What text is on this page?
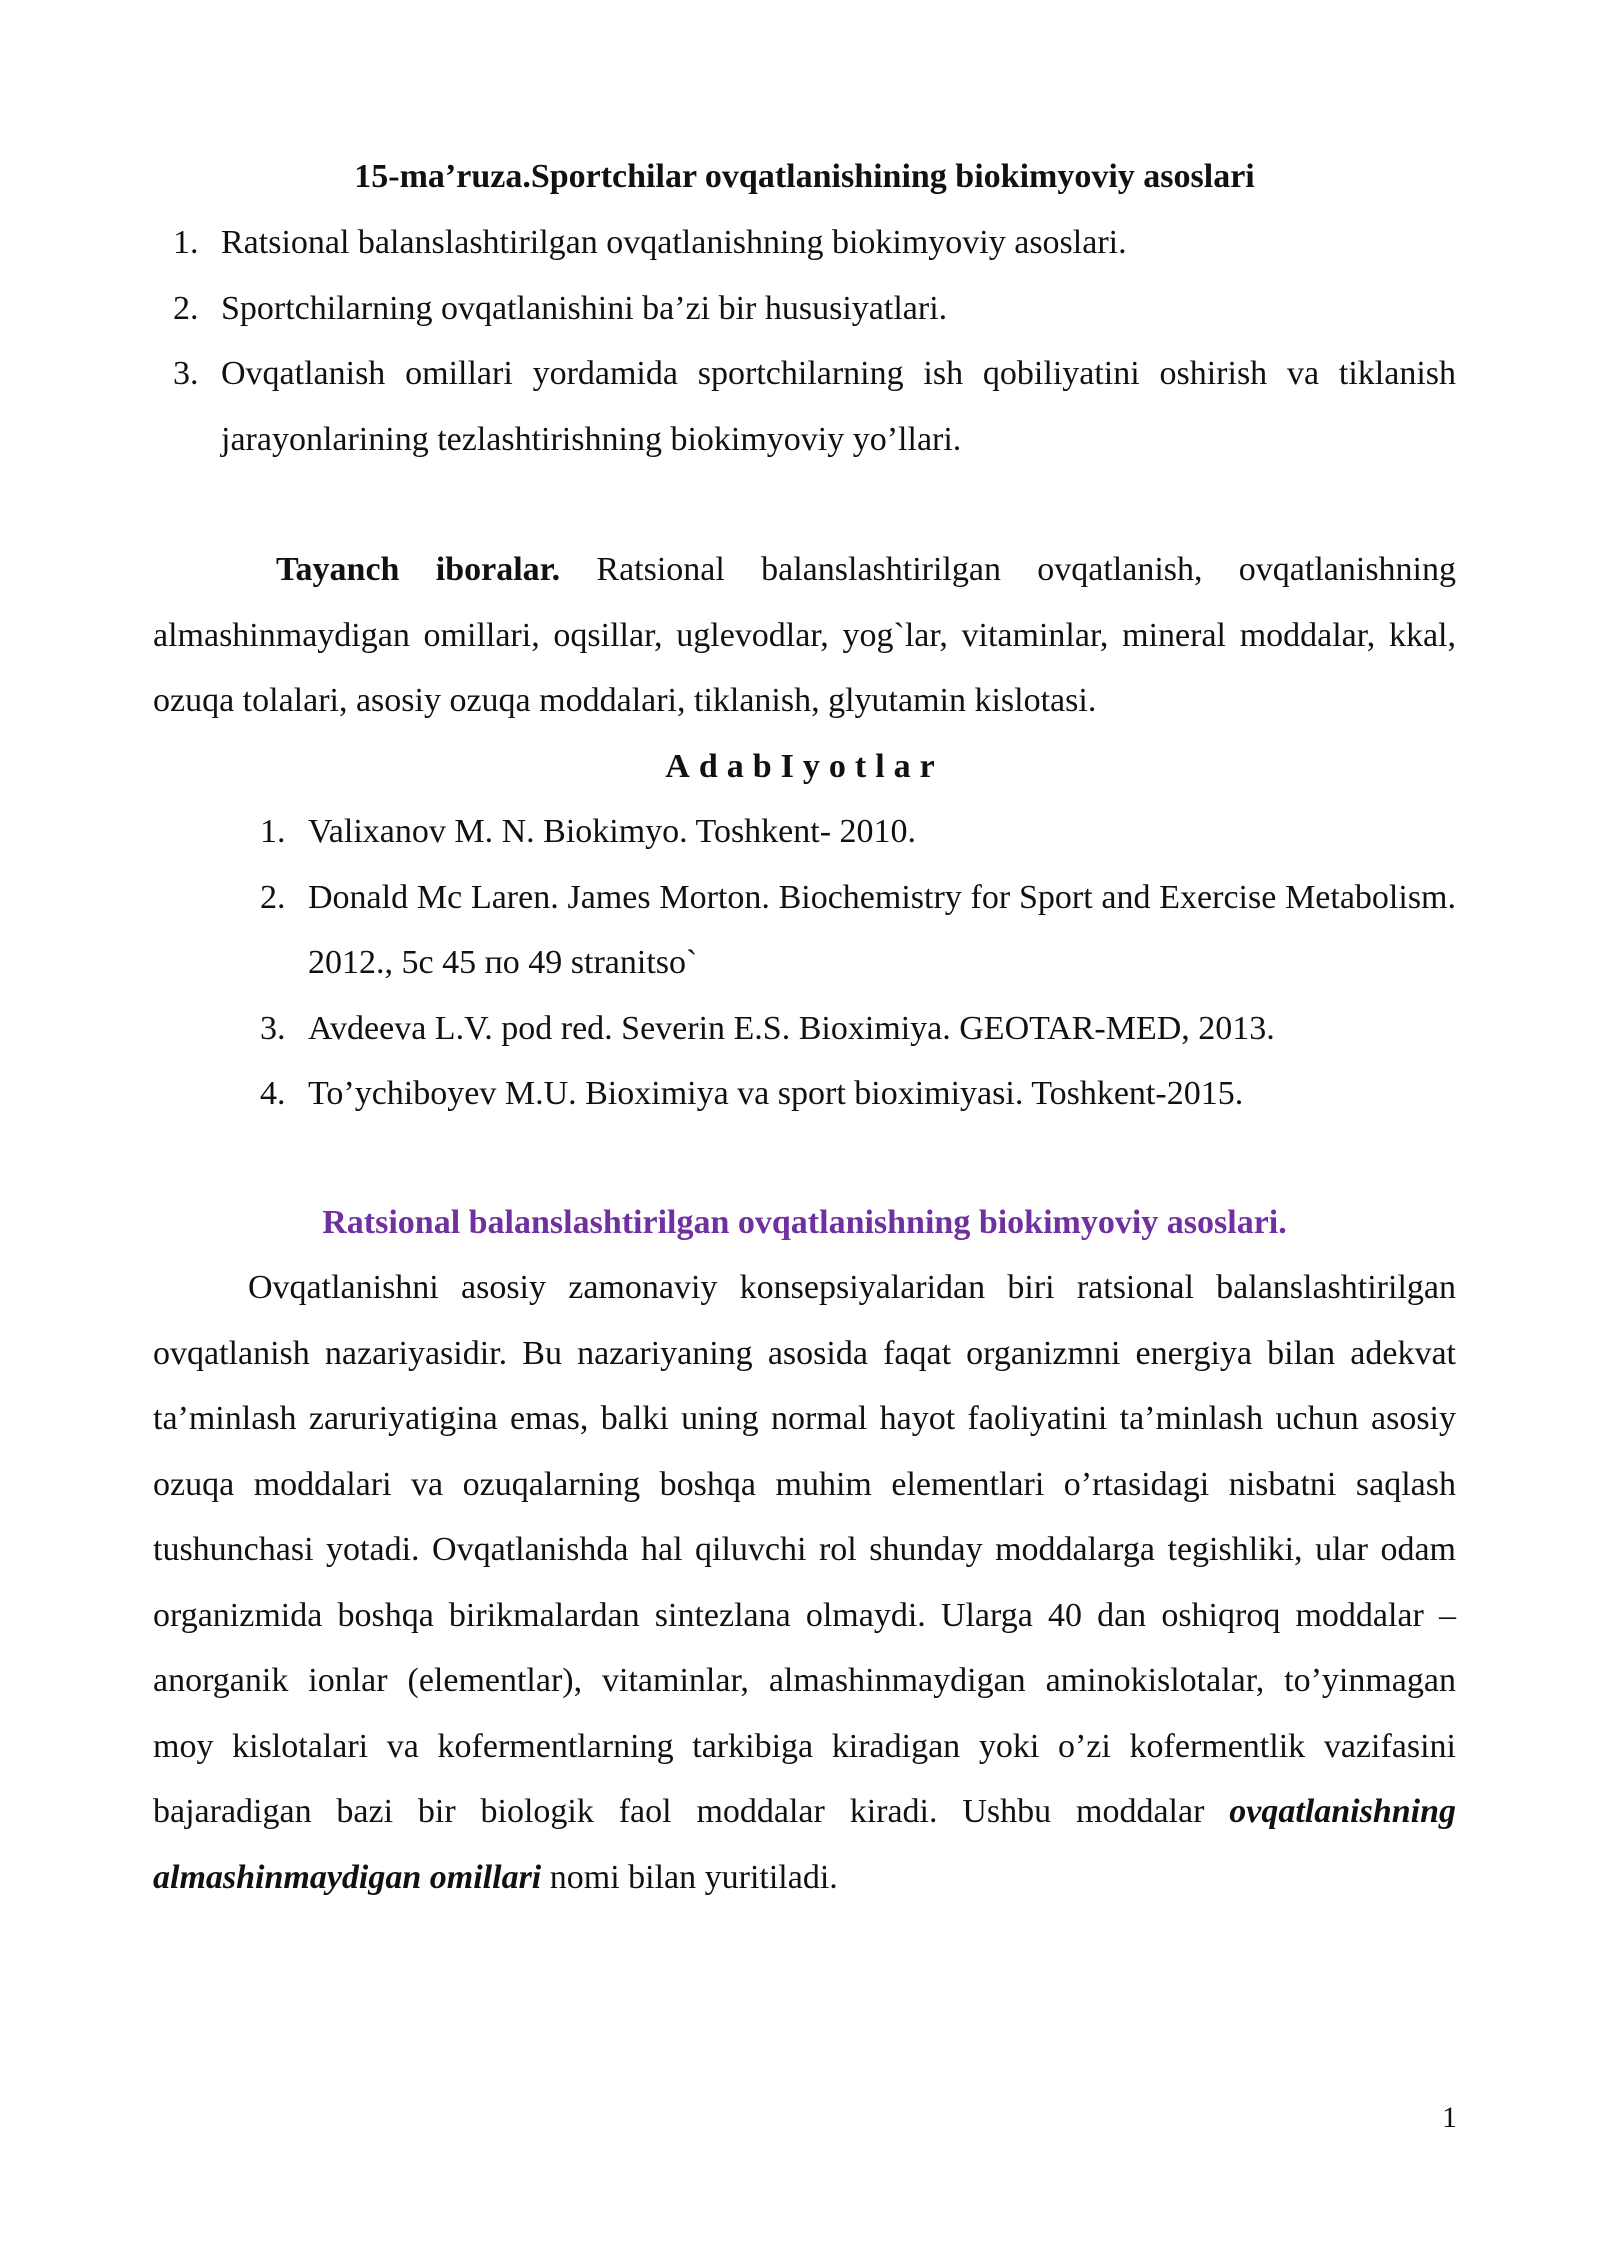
15-ma’ruza.Sportchilar ovqatlanishining biokimyoviy asoslari
1. Ratsional balanslashtirilgan ovqatlanishning biokimyoviy asoslari.
2. Sportchilarning ovqatlanishini ba’zi bir hususiyatlari.
3. Ovqatlanish omillari yordamida sportchilarning ish qobiliyatini oshirish va tiklanish jarayonlarining tezlashtirishning biokimyoviy yo’llari.

Tayanch iboralar. Ratsional balanslashtirilgan ovqatlanish, ovqatlanishning almashinmaydigan omillari, oqsillar, uglevodlar, yog`lar, vitaminlar, mineral moddalar, kkal, ozuqa tolalari, asosiy ozuqa moddalari, tiklanish, glyutamin kislotasi.

AdabIyotlar
1. Valixanov M. N. Biokimyo. Toshkent- 2010.
2. Donald Mc Laren. James Morton. Biochemistry for Sport and Exercise Metabolism. 2012., 5c 45 по 49 stranitso`
3. Avdeeva L.V. pod red. Severin E.S. Bioximiya. GEOTAR-MED, 2013.
4. To’ychiboyev M.U. Bioximiya va sport bioximiyasi. Toshkent-2015.
Ratsional balanslashtirilgan ovqatlanishning biokimyoviy asoslari.

Ovqatlanishni asosiy zamonaviy konsepsiyalaridan biri ratsional balanslashtirilgan ovqatlanish nazariyasidir. Bu nazariyaning asosida faqat organizmni energiya bilan adekvat ta’minlash zaruriyatigina emas, balki uning normal hayot faoliyatini ta’minlash uchun asosiy ozuqa moddalari va ozuqalarning boshqa muhim elementlari o’rtasidagi nisbatni saqlash tushunchasi yotadi. Ovqatlanishda hal qiluvchi rol shunday moddalarga tegishliki, ular odam organizmida boshqa birikmalardan sintezlana olmaydi. Ularga 40 dan oshiqroq moddalar – anorganik ionlar (elementlar), vitaminlar, almashinmaydigan aminokislotalar, to’yinmagan moy kislotalari va kofermentlarning tarkibiga kiradigan yoki o’zi kofermentlik vazifasini bajaradigan bazi bir biologik faol moddalar kiradi. Ushbu moddalar ovqatlanishning almashinmaydigan omillari nomi bilan yuritiladi.

1
